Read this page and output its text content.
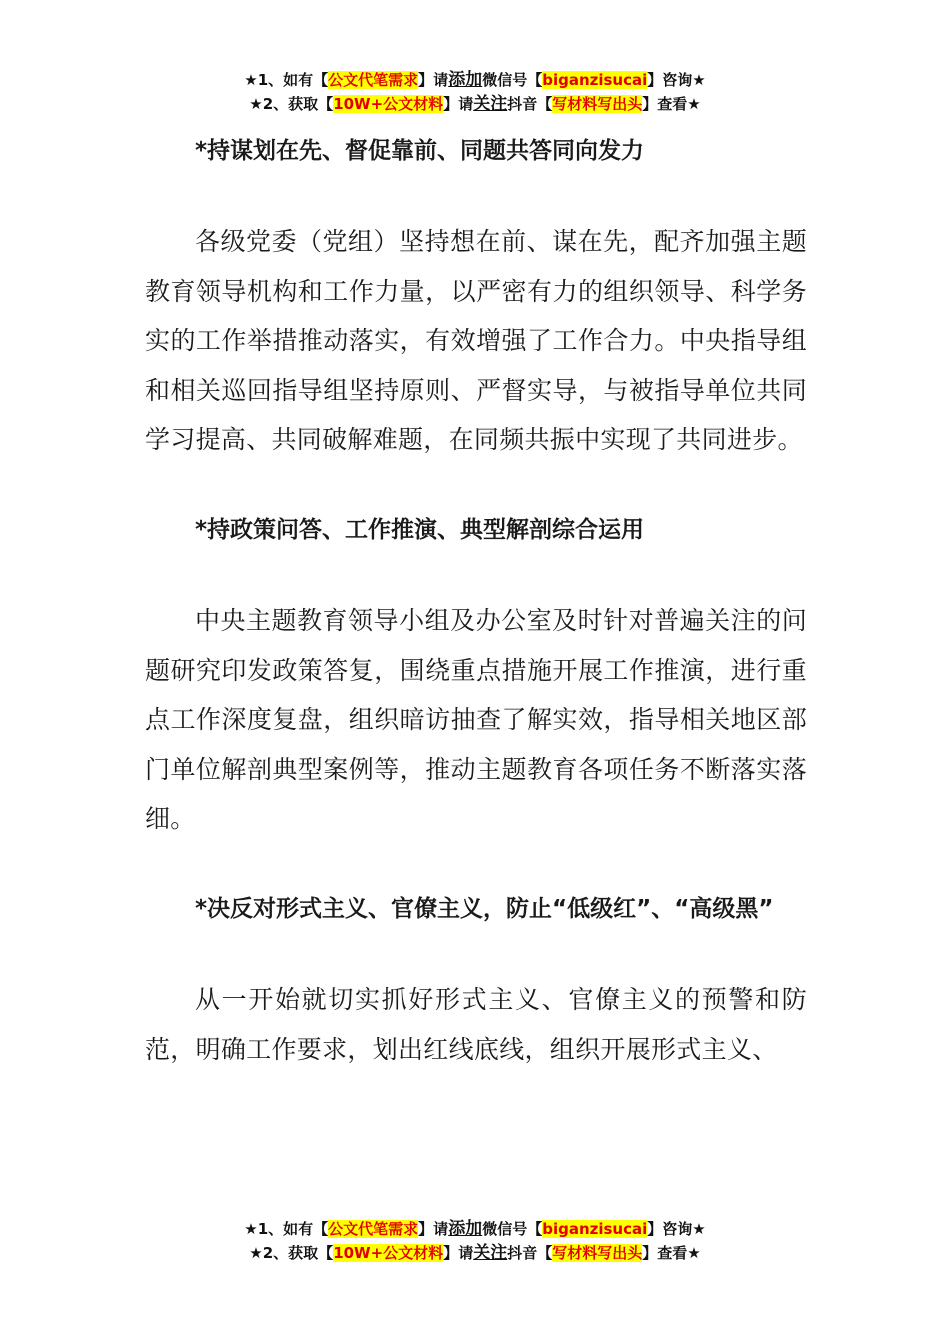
★1、如有【公文代笔需求】请添加微信号【biganzisucai】咨询★
★2、获取【10W+公文材料】请关注抖音【写材料写出头】查看★

*持谋划在先、督促靠前、同题共答同向发力

各级党委（党组）坚持想在前、谋在先，配齐加强主题教育领导机构和工作力量，以严密有力的组织领导、科学务实的工作举措推动落实，有效增强了工作合力。中央指导组和相关巡回指导组坚持原则、严督实导，与被指导单位共同学习提高、共同破解难题，在同频共振中实现了共同进步。

*持政策问答、工作推演、典型解剖综合运用

中央主题教育领导小组及办公室及时针对普遍关注的问题研究印发政策答复，围绕重点措施开展工作推演，进行重点工作深度复盘，组织暗访抽查了解实效，指导相关地区部门单位解剖典型案例等，推动主题教育各项任务不断落实落细。

*决反对形式主义、官僚主义，防止“低级红”、“高级黑”

从一开始就切实抓好形式主义、官僚主义的预警和防范，明确工作要求，划出红线底线，组织开展形式主义、

★1、如有【公文代笔需求】请添加微信号【biganzisucai】咨询★
★2、获取【10W+公文材料】请关注抖音【写材料写出头】查看★
